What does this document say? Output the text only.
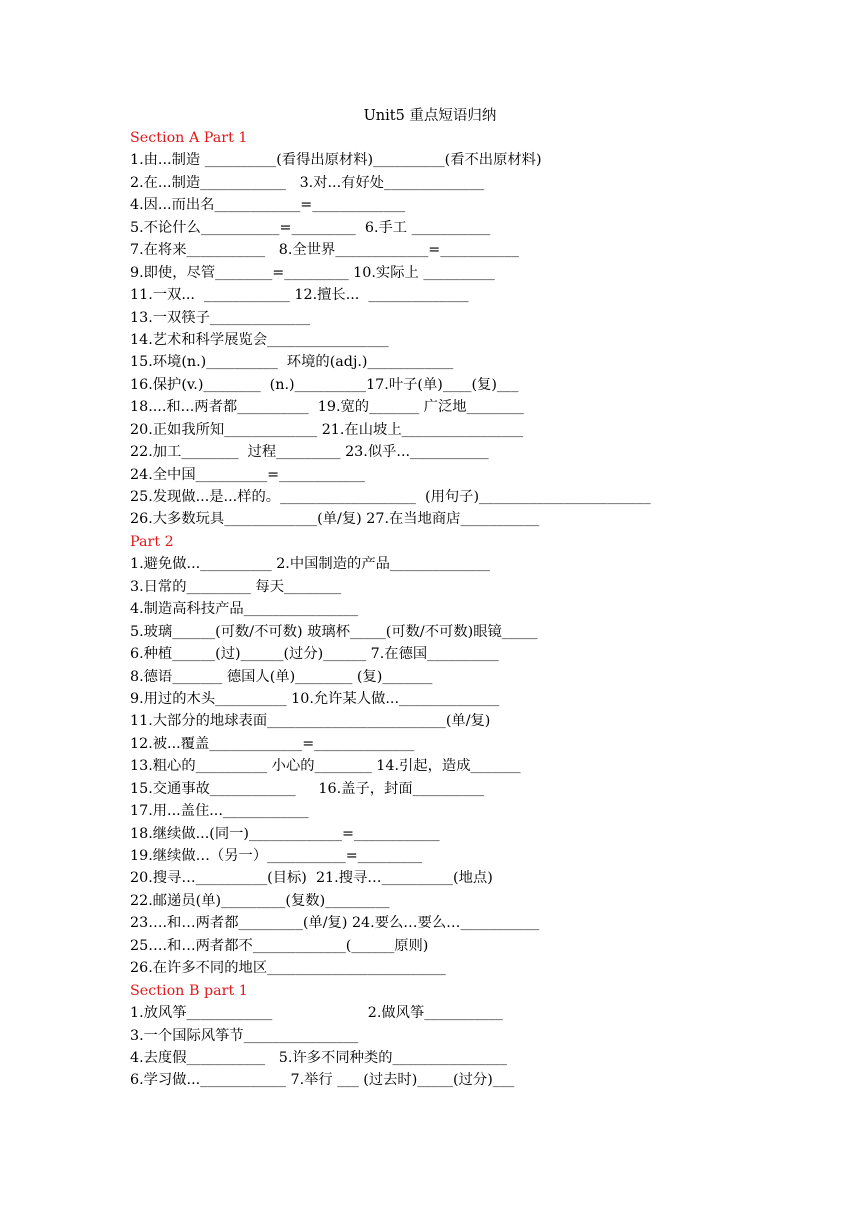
Unit5 重点短语归纳
Section A Part 1
1.由...制造 __________(看得出原材料)__________(看不出原材料)
2.在...制造____________   3.对...有好处______________
4.因...而出名____________=_____________
5.不论什么___________=_________  6.手工 ___________
7.在将来___________   8.全世界_____________=___________
9.即使，尽管________=_________ 10.实际上 __________
11.一双...  ____________ 12.擅长...  ______________
13.一双筷子______________
14.艺术和科学展览会_________________
15.环境(n.)__________  环境的(adj.)____________
16.保护(v.)________  (n.)__________17.叶子(单)____(复)___
18....和...两者都__________  19.宽的_______ 广泛地________
20.正如我所知_____________ 21.在山坡上_________________
22.加工________  过程_________ 23.似乎...___________
24.全中国__________=____________
25.发现做...是...样的。___________________  (用句子)________________________
26.大多数玩具_____________(单/复) 27.在当地商店___________
Part 2
1.避免做...__________ 2.中国制造的产品______________
3.日常的_________ 每天________
4.制造高科技产品________________
5.玻璃______(可数/不可数) 玻璃杯_____(可数/不可数)眼镜_____
6.种植______(过)______(过分)______ 7.在德国__________
8.德语_______ 德国人(单)________ (复)_______
9.用过的木头__________ 10.允许某人做...______________
11.大部分的地球表面_________________________(单/复)
12.被...覆盖_____________=______________
13.粗心的__________ 小心的________ 14.引起，造成_______
15.交通事故____________     16.盖子，封面__________
17.用...盖住...____________
18.继续做...(同一)_____________=____________
19.继续做…（另一）___________=_________
20.搜寻…__________(目标)  21.搜寻…__________(地点)
22.邮递员(单)_________(复数)_________
23….和…两者都_________(单/复) 24.要么…要么…___________
25….和…两者都不_____________(______原则)
26.在许多不同的地区_________________________
Section B part 1
1.放风筝____________                     2.做风筝___________
3.一个国际风筝节________________
4.去度假___________   5.许多不同种类的________________
6.学习做...____________ 7.举行 ___ (过去时)_____(过分)___
